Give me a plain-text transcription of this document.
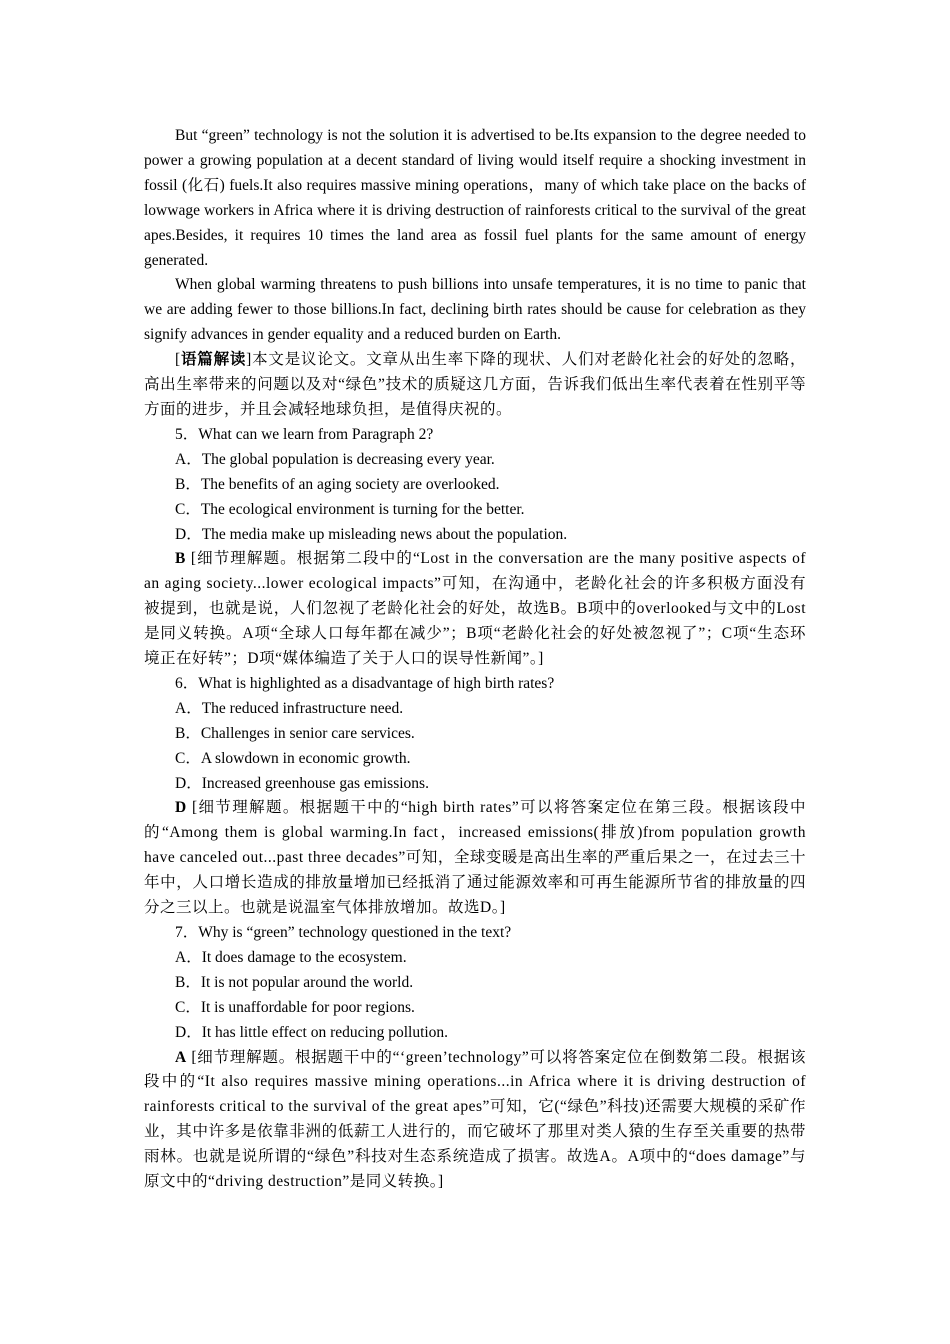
But “green” technology is not the solution it is advertised to be.Its expansion to the degree needed to power a growing population at a decent standard of living would itself require a shocking investment in fossil (化石) fuels.It also requires massive mining operations，many of which take place on the backs of lowwage workers in Africa where it is driving destruction of rainforests critical to the survival of the great apes.Besides, it requires 10 times the land area as fossil fuel plants for the same amount of energy generated.

When global warming threatens to push billions into unsafe temperatures, it is no time to panic that we are adding fewer to those billions.In fact, declining birth rates should be cause for celebration as they signify advances in gender equality and a reduced burden on Earth.

[语篇解读]本文是议论文。文章从出生率下降的现状、人们对老龄化社会的好处的忽略，高出生率带来的问题以及对“绿色”技术的质疑这几方面，告诉我们低出生率代表着在性别平等方面的进步，并且会减轻地球负担，是值得庆祝的。

5．What can we learn from Paragraph 2?

A．The global population is decreasing every year.

B．The benefits of an aging society are overlooked.

C．The ecological environment is turning for the better.

D．The media make up misleading news about the population.

B [细节理解题。根据第二段中的“Lost in the conversation are the many positive aspects of an aging society...lower ecological impacts”可知，在沟通中，老龄化社会的许多积极方面没有被提到，也就是说，人们忽视了老龄化社会的好处，故选B。B项中的overlooked与文中的Lost是同义转换。A项“全球人口每年都在减少”；B项“老龄化社会的好处被忽视了”；C项“生态环境正在好转”；D项“媒体编造了关于人口的误导性新闻”。]

6．What is highlighted as a disadvantage of high birth rates?

A．The reduced infrastructure need.

B．Challenges in senior care services.

C．A slowdown in economic growth.

D．Increased greenhouse gas emissions.

D [细节理解题。根据题干中的“high birth rates”可以将答案定位在第三段。根据该段中的“Among them is global warming.In fact，increased emissions(排放)from population growth have canceled out...past three decades”可知，全球变暖是高出生率的严重后果之一，在过去三十年中，人口增长造成的排放量增加已经抵消了通过能源效率和可再生能源所节省的排放量的四分之三以上。也就是说温室气体排放增加。故选D。]

7．Why is “green” technology questioned in the text?

A．It does damage to the ecosystem.

B．It is not popular around the world.

C．It is unaffordable for poor regions.

D．It has little effect on reducing pollution.

A [细节理解题。根据题干中的“‘green’technology”可以将答案定位在倒数第二段。根据该段中的“It also requires massive mining operations...in Africa where it is driving destruction of rainforests critical to the survival of the great apes”可知，它(“绿色”科技)还需要大规模的采矿作业，其中许多是依靠非洲的低薪工人进行的，而它破坏了那里对类人猿的生存至关重要的热带雨林。也就是说所谓的“绿色”科技对生态系统造成了损害。故选A。A项中的“does damage”与原文中的“driving destruction”是同义转换。]
